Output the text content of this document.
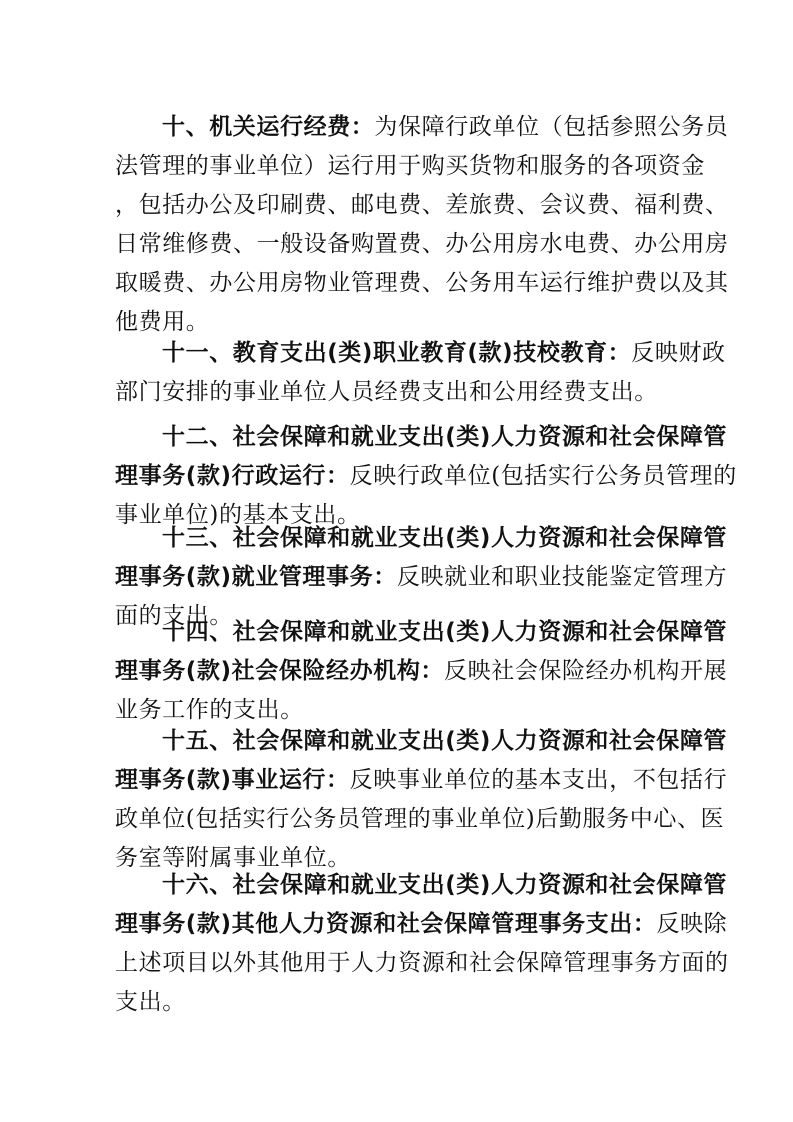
十、机关运行经费：为保障行政单位（包括参照公务员
法管理的事业单位）运行用于购买货物和服务的各项资金
，包括办公及印刷费、邮电费、差旅费、会议费、福利费、
日常维修费、一般设备购置费、办公用房水电费、办公用房
取暖费、办公用房物业管理费、公务用车运行维护费以及其
他费用。
十一、教育支出(类)职业教育(款)技校教育：反映财政
部门安排的事业单位人员经费支出和公用经费支出。
十二、社会保障和就业支出(类)人力资源和社会保障管
理事务(款)行政运行：反映行政单位(包括实行公务员管理的
事业单位)的基本支出。
十三、社会保障和就业支出(类)人力资源和社会保障管
理事务(款)就业管理事务：反映就业和职业技能鉴定管理方
面的支出。
十四、社会保障和就业支出(类)人力资源和社会保障管
理事务(款)社会保险经办机构：反映社会保险经办机构开展
业务工作的支出。
十五、社会保障和就业支出(类)人力资源和社会保障管
理事务(款)事业运行：反映事业单位的基本支出，不包括行
政单位(包括实行公务员管理的事业单位)后勤服务中心、医
务室等附属事业单位。
十六、社会保障和就业支出(类)人力资源和社会保障管
理事务(款)其他人力资源和社会保障管理事务支出：反映除
上述项目以外其他用于人力资源和社会保障管理事务方面的
支出。
